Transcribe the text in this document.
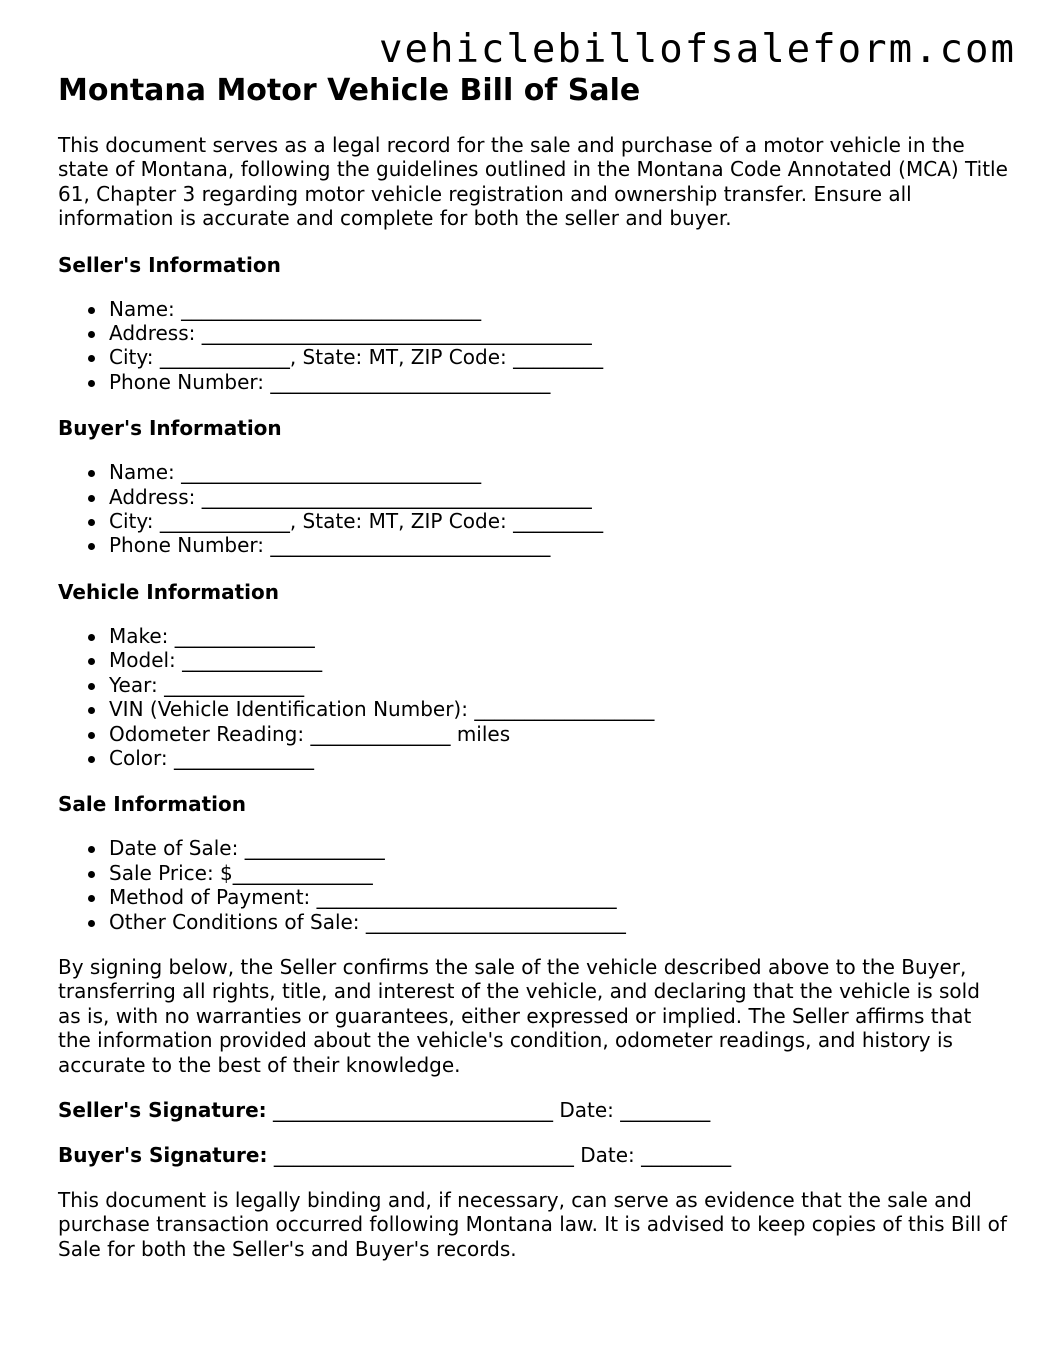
vehiclebillofsaleform.com
Montana Motor Vehicle Bill of Sale

This document serves as a legal record for the sale and purchase of a motor vehicle in the state of Montana, following the guidelines outlined in the Montana Code Annotated (MCA) Title 61, Chapter 3 regarding motor vehicle registration and ownership transfer. Ensure all information is accurate and complete for both the seller and buyer.

Seller's Information
Name: ______________________________
Address: _______________________________________
City: _____________, State: MT, ZIP Code: _________
Phone Number: ____________________________
Buyer's Information
Name: ______________________________
Address: _______________________________________
City: _____________, State: MT, ZIP Code: _________
Phone Number: ____________________________
Vehicle Information
Make: ______________
Model: ______________
Year: ______________
VIN (Vehicle Identification Number): __________________
Odometer Reading: ______________ miles
Color: ______________
Sale Information
Date of Sale: ______________
Sale Price: $______________
Method of Payment: ______________________________
Other Conditions of Sale: __________________________

By signing below, the Seller confirms the sale of the vehicle described above to the Buyer, transferring all rights, title, and interest of the vehicle, and declaring that the vehicle is sold as is, with no warranties or guarantees, either expressed or implied. The Seller affirms that the information provided about the vehicle's condition, odometer readings, and history is accurate to the best of their knowledge.

Seller's Signature: ____________________________ Date: _________
Buyer's Signature: ______________________________ Date: _________

This document is legally binding and, if necessary, can serve as evidence that the sale and purchase transaction occurred following Montana law. It is advised to keep copies of this Bill of Sale for both the Seller's and Buyer's records.
